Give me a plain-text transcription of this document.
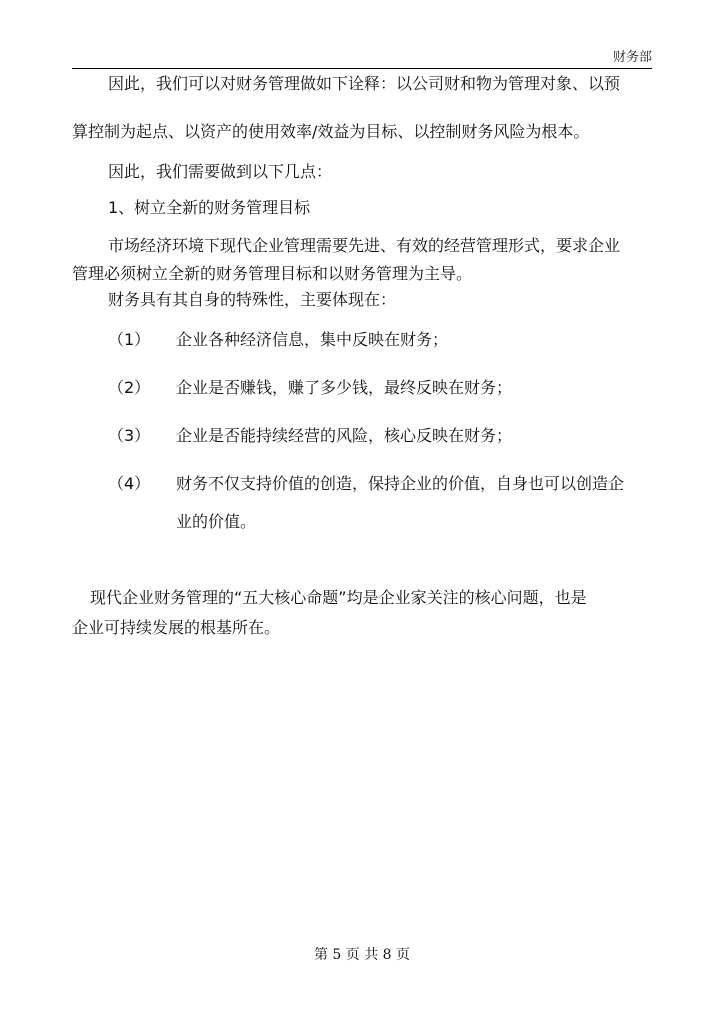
财务部
因此，我们可以对财务管理做如下诠释：以公司财和物为管理对象、以预
算控制为起点、以资产的使用效率/效益为目标、以控制财务风险为根本。
因此，我们需要做到以下几点：
1、树立全新的财务管理目标
市场经济环境下现代企业管理需要先进、有效的经营管理形式，要求企业
管理必须树立全新的财务管理目标和以财务管理为主导。
财务具有其自身的特殊性，主要体现在：
（1） 企业各种经济信息，集中反映在财务；
（2） 企业是否赚钱，赚了多少钱，最终反映在财务；
（3） 企业是否能持续经营的风险，核心反映在财务；
（4） 财务不仅支持价值的创造，保持企业的价值，自身也可以创造企
业的价值。
现代企业财务管理的“五大核心命题”均是企业家关注的核心问题，也是
企业可持续发展的根基所在。
第 5 页 共 8 页
